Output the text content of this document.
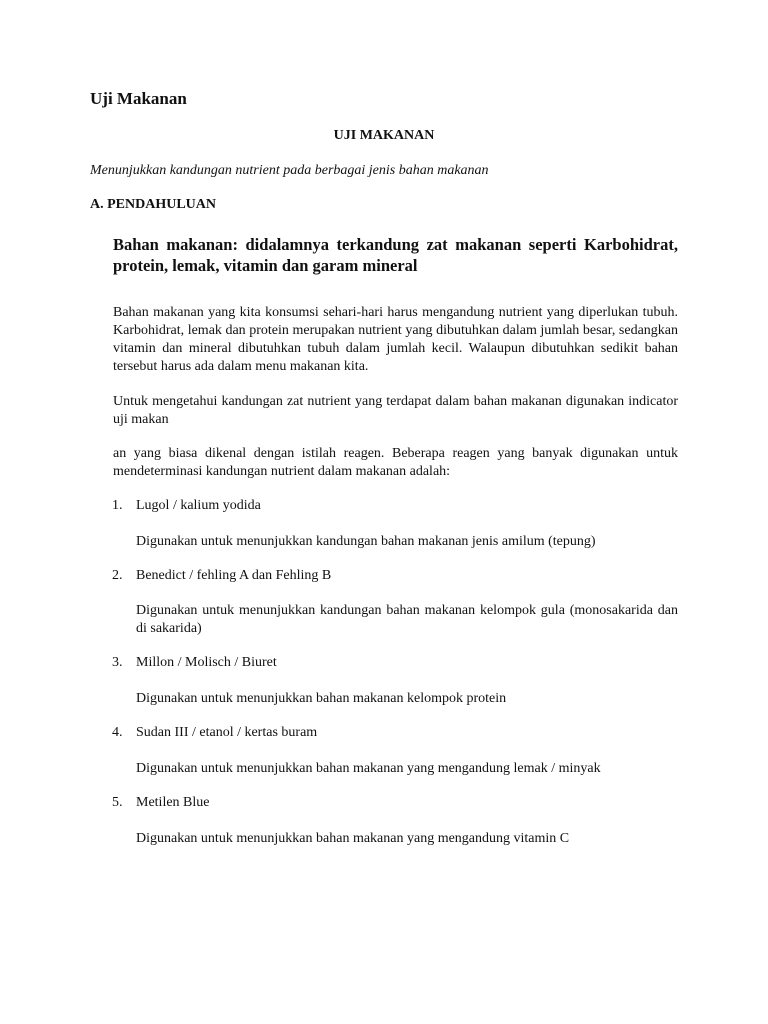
Uji Makanan
UJI MAKANAN

Menunjukkan kandungan nutrient pada berbagai jenis bahan makanan

A. PENDAHULUAN

Bahan makanan: didalamnya terkandung zat makanan seperti Karbohidrat, protein, lemak, vitamin dan garam mineral

Bahan makanan yang kita konsumsi sehari-hari harus mengandung nutrient yang diperlukan tubuh. Karbohidrat, lemak dan protein merupakan nutrient yang dibutuhkan dalam jumlah besar, sedangkan vitamin dan mineral dibutuhkan tubuh dalam jumlah kecil. Walaupun dibutuhkan sedikit bahan tersebut harus ada dalam menu makanan kita.

Untuk mengetahui kandungan zat nutrient yang terdapat dalam bahan makanan digunakan indicator uji makan

an yang biasa dikenal dengan istilah reagen. Beberapa reagen yang banyak digunakan untuk mendeterminasi kandungan nutrient dalam makanan adalah:

1. Lugol / kalium yodida

Digunakan untuk menunjukkan kandungan bahan makanan jenis amilum (tepung)

2. Benedict / fehling A dan Fehling B

Digunakan untuk menunjukkan kandungan bahan makanan kelompok gula (monosakarida dan di sakarida)

3. Millon / Molisch / Biuret

Digunakan untuk menunjukkan bahan makanan kelompok protein

4. Sudan III / etanol / kertas buram

Digunakan untuk menunjukkan bahan makanan yang mengandung lemak / minyak

5. Metilen Blue

Digunakan untuk menunjukkan bahan makanan yang mengandung vitamin C
